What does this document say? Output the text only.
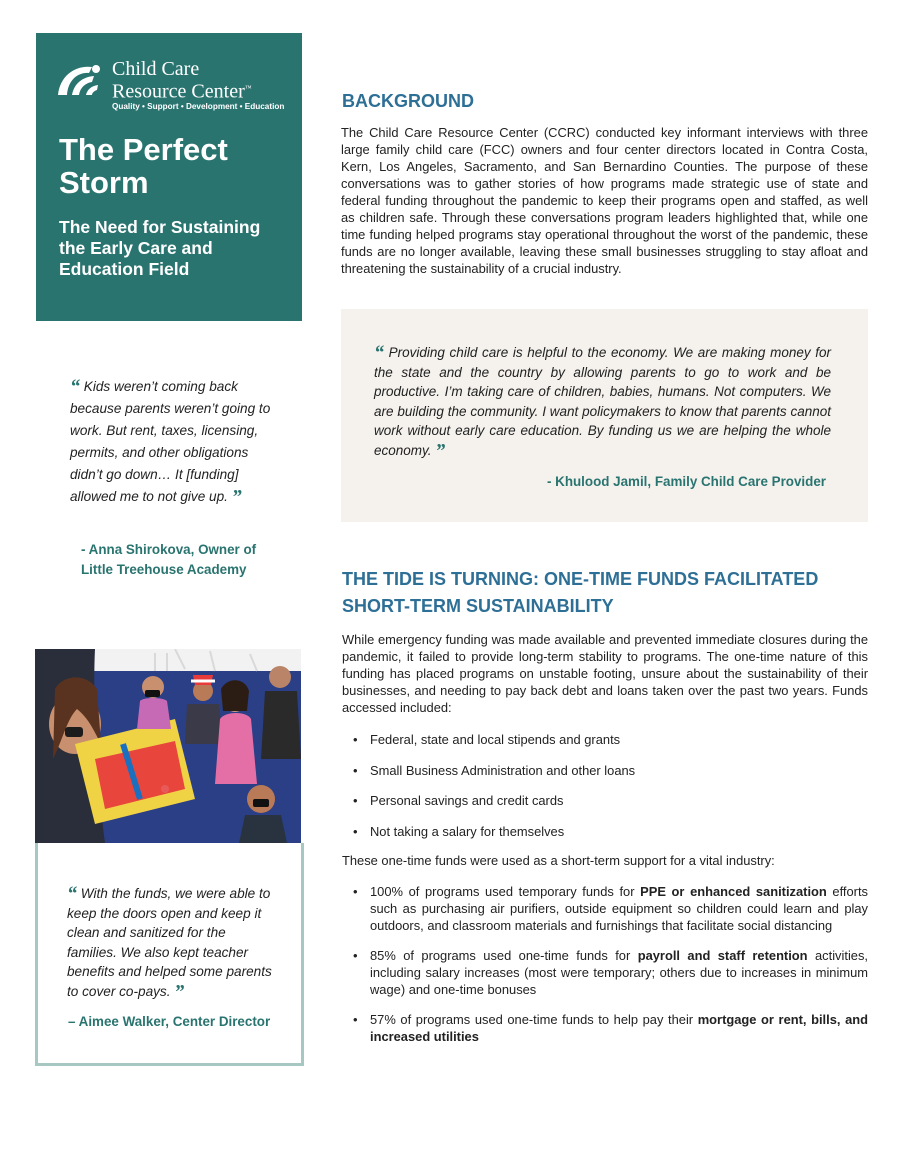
Child Care
Resource Center™
Quality • Support • Development • Education
The Perfect Storm
The Need for Sustaining the Early Care and Education Field
“ Kids weren’t coming back because parents weren’t going to work. But rent, taxes, licensing, permits, and other obligations didn’t go down… It [funding] allowed me to not give up. ”
- Anna Shirokova, Owner of Little Treehouse Academy
“ With the funds, we were able to keep the doors open and keep it clean and sanitized for the families. We also kept teacher benefits and helped some parents to cover co-pays. ”
– Aimee Walker, Center Director
BACKGROUND
The Child Care Resource Center (CCRC) conducted key informant interviews with three large family child care (FCC) owners and four center directors located in Contra Costa, Kern, Los Angeles, Sacramento, and San Bernardino Counties. The purpose of these conversations was to gather stories of how programs made strategic use of state and federal funding throughout the pandemic to keep their programs open and staffed, as well as children safe. Through these conversations program leaders highlighted that, while one time funding helped programs stay operational throughout the worst of the pandemic, these funds are no longer available, leaving these small businesses struggling to stay afloat and threatening the sustainability of a crucial industry.
“ Providing child care is helpful to the economy. We are making money for the state and the country by allowing parents to go to work and be productive. I’m taking care of children, babies, humans. Not computers. We are building the community. I want policymakers to know that parents cannot work without early care education. By funding us we are helping the whole economy. ”
- Khulood Jamil, Family Child Care Provider
THE TIDE IS TURNING: ONE-TIME FUNDS FACILITATED SHORT-TERM SUSTAINABILITY
While emergency funding was made available and prevented immediate closures during the pandemic, it failed to provide long-term stability to programs. The one-time nature of this funding has placed programs on unstable footing, unsure about the sustainability of their businesses, and needing to pay back debt and loans taken over the past two years. Funds accessed included:
• Federal, state and local stipends and grants
• Small Business Administration and other loans
• Personal savings and credit cards
• Not taking a salary for themselves
These one-time funds were used as a short-term support for a vital industry:
• 100% of programs used temporary funds for PPE or enhanced sanitization efforts such as purchasing air purifiers, outside equipment so children could learn and play outdoors, and classroom materials and furnishings that facilitate social distancing
• 85% of programs used one-time funds for payroll and staff retention activities, including salary increases (most were temporary; others due to increases in minimum wage) and one-time bonuses
• 57% of programs used one-time funds to help pay their mortgage or rent, bills, and increased utilities
